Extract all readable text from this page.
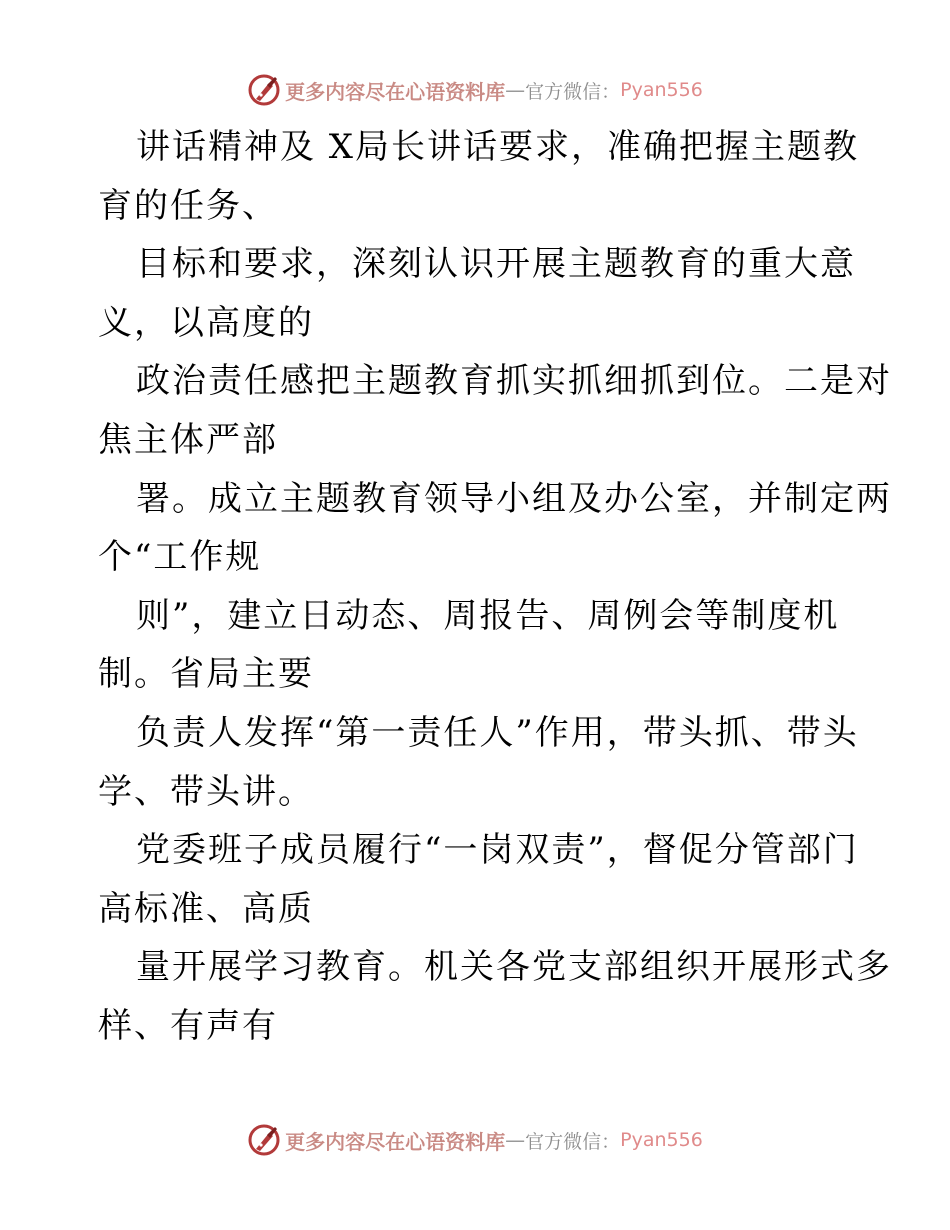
更多内容尽在心语资料库 — 官方微信： Pyan556
讲话精神及 X局长讲话要求，准确把握主题教
育的任务、
目标和要求，深刻认识开展主题教育的重大意
义，以高度的
政治责任感把主题教育抓实抓细抓到位。二是对
焦主体严部
署。成立主题教育领导小组及办公室，并制定两
个“工作规
则”，建立日动态、周报告、周例会等制度机
制。省局主要
负责人发挥“第一责任人”作用，带头抓、带头
学、带头讲。
党委班子成员履行“一岗双责”，督促分管部门
高标准、高质
量开展学习教育。机关各党支部组织开展形式多
样、有声有
更多内容尽在心语资料库 — 官方微信： Pyan556
